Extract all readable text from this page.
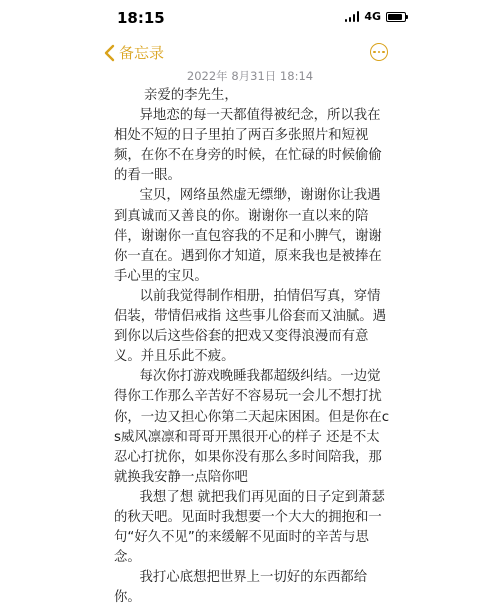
18:15	4G
备忘录
2022年 8月31日 18:14

亲爱的李先生，

异地恋的每一天都值得被纪念，所以我在相处不短的日子里拍了两百多张照片和短视频，在你不在身旁的时候，在忙碌的时候偷偷的看一眼。

宝贝，网络虽然虚无缥缈，谢谢你让我遇到真诚而又善良的你。谢谢你一直以来的陪伴，谢谢你一直包容我的不足和小脾气，谢谢你一直在。遇到你才知道，原来我也是被捧在手心里的宝贝。

以前我觉得制作相册，拍情侣写真，穿情侣装，带情侣戒指 这些事儿俗套而又油腻。遇到你以后这些俗套的把戏又变得浪漫而有意义。并且乐此不疲。

每次你打游戏晚睡我都超级纠结。一边觉得你工作那么辛苦好不容易玩一会儿不想打扰你，一边又担心你第二天起床困困。但是你在cs威风凛凛和哥哥开黑很开心的样子 还是不太忍心打扰你，如果你没有那么多时间陪我，那就换我安静一点陪你吧

我想了想 就把我们再见面的日子定到萧瑟的秋天吧。见面时我想要一个大大的拥抱和一句“好久不见”的来缓解不见面时的辛苦与思念。

我打心底想把世界上一切好的东西都给你。
